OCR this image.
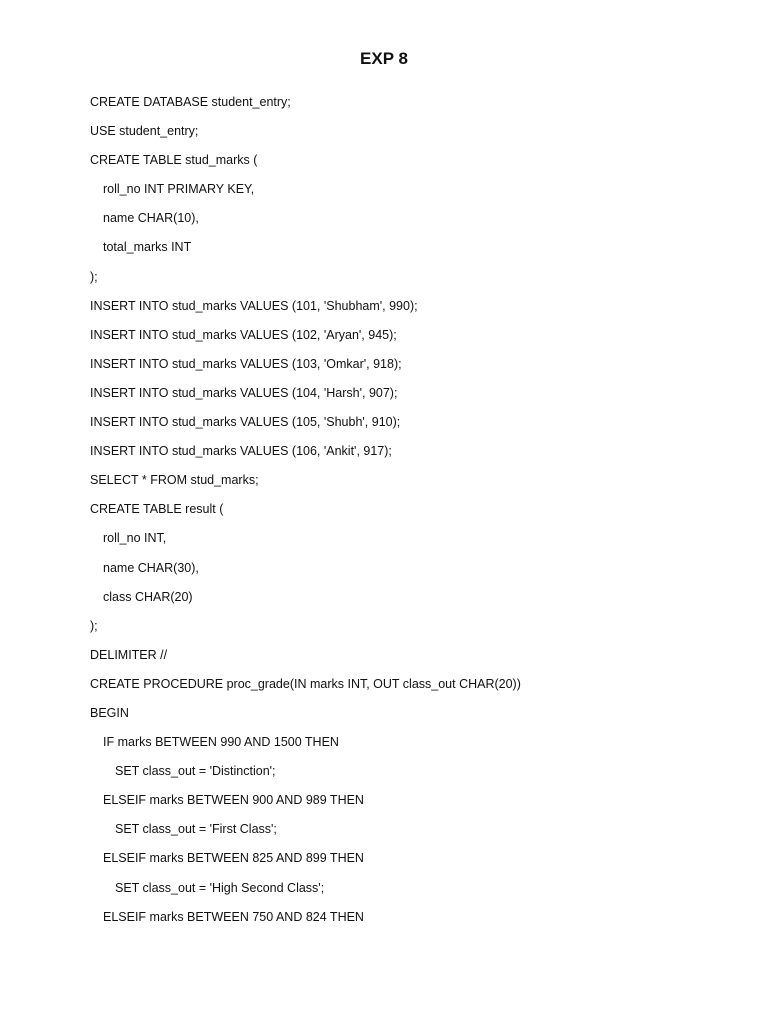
EXP 8
CREATE DATABASE student_entry;
USE student_entry;
CREATE TABLE stud_marks (
roll_no INT PRIMARY KEY,
name CHAR(10),
total_marks INT
);
INSERT INTO stud_marks VALUES (101, 'Shubham', 990);
INSERT INTO stud_marks VALUES (102, 'Aryan', 945);
INSERT INTO stud_marks VALUES (103, 'Omkar', 918);
INSERT INTO stud_marks VALUES (104, 'Harsh', 907);
INSERT INTO stud_marks VALUES (105, 'Shubh', 910);
INSERT INTO stud_marks VALUES (106, 'Ankit', 917);
SELECT * FROM stud_marks;
CREATE TABLE result (
roll_no INT,
name CHAR(30),
class CHAR(20)
);
DELIMITER //
CREATE PROCEDURE proc_grade(IN marks INT, OUT class_out CHAR(20))
BEGIN
IF marks BETWEEN 990 AND 1500 THEN
SET class_out = 'Distinction';
ELSEIF marks BETWEEN 900 AND 989 THEN
SET class_out = 'First Class';
ELSEIF marks BETWEEN 825 AND 899 THEN
SET class_out = 'High Second Class';
ELSEIF marks BETWEEN 750 AND 824 THEN
